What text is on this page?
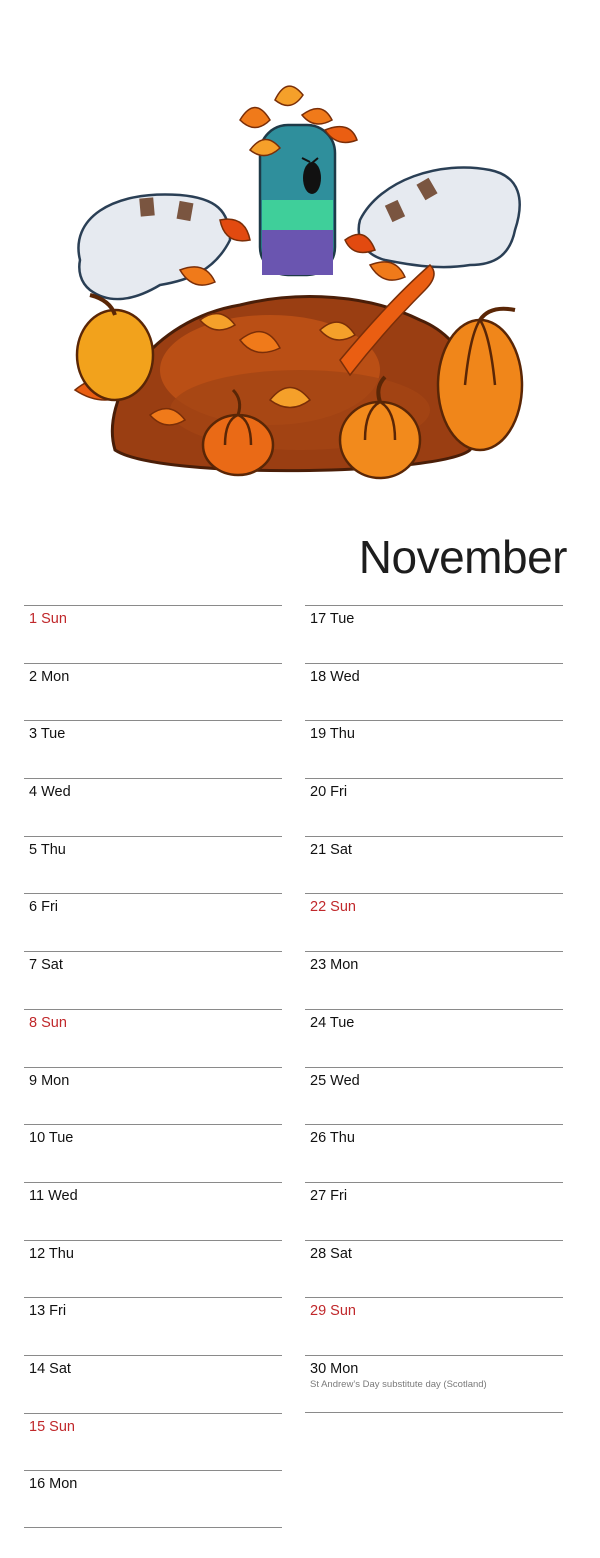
November
1 Sun
2 Mon
3 Tue
4 Wed
5 Thu
6 Fri
7 Sat
8 Sun
9 Mon
10 Tue
11 Wed
12 Thu
13 Fri
14 Sat
15 Sun
16 Mon
17 Tue
18 Wed
19 Thu
20 Fri
21 Sat
22 Sun
23 Mon
24 Tue
25 Wed
26 Thu
27 Fri
28 Sat
29 Sun
30 Mon
St Andrew’s Day substitute day (Scotland)
